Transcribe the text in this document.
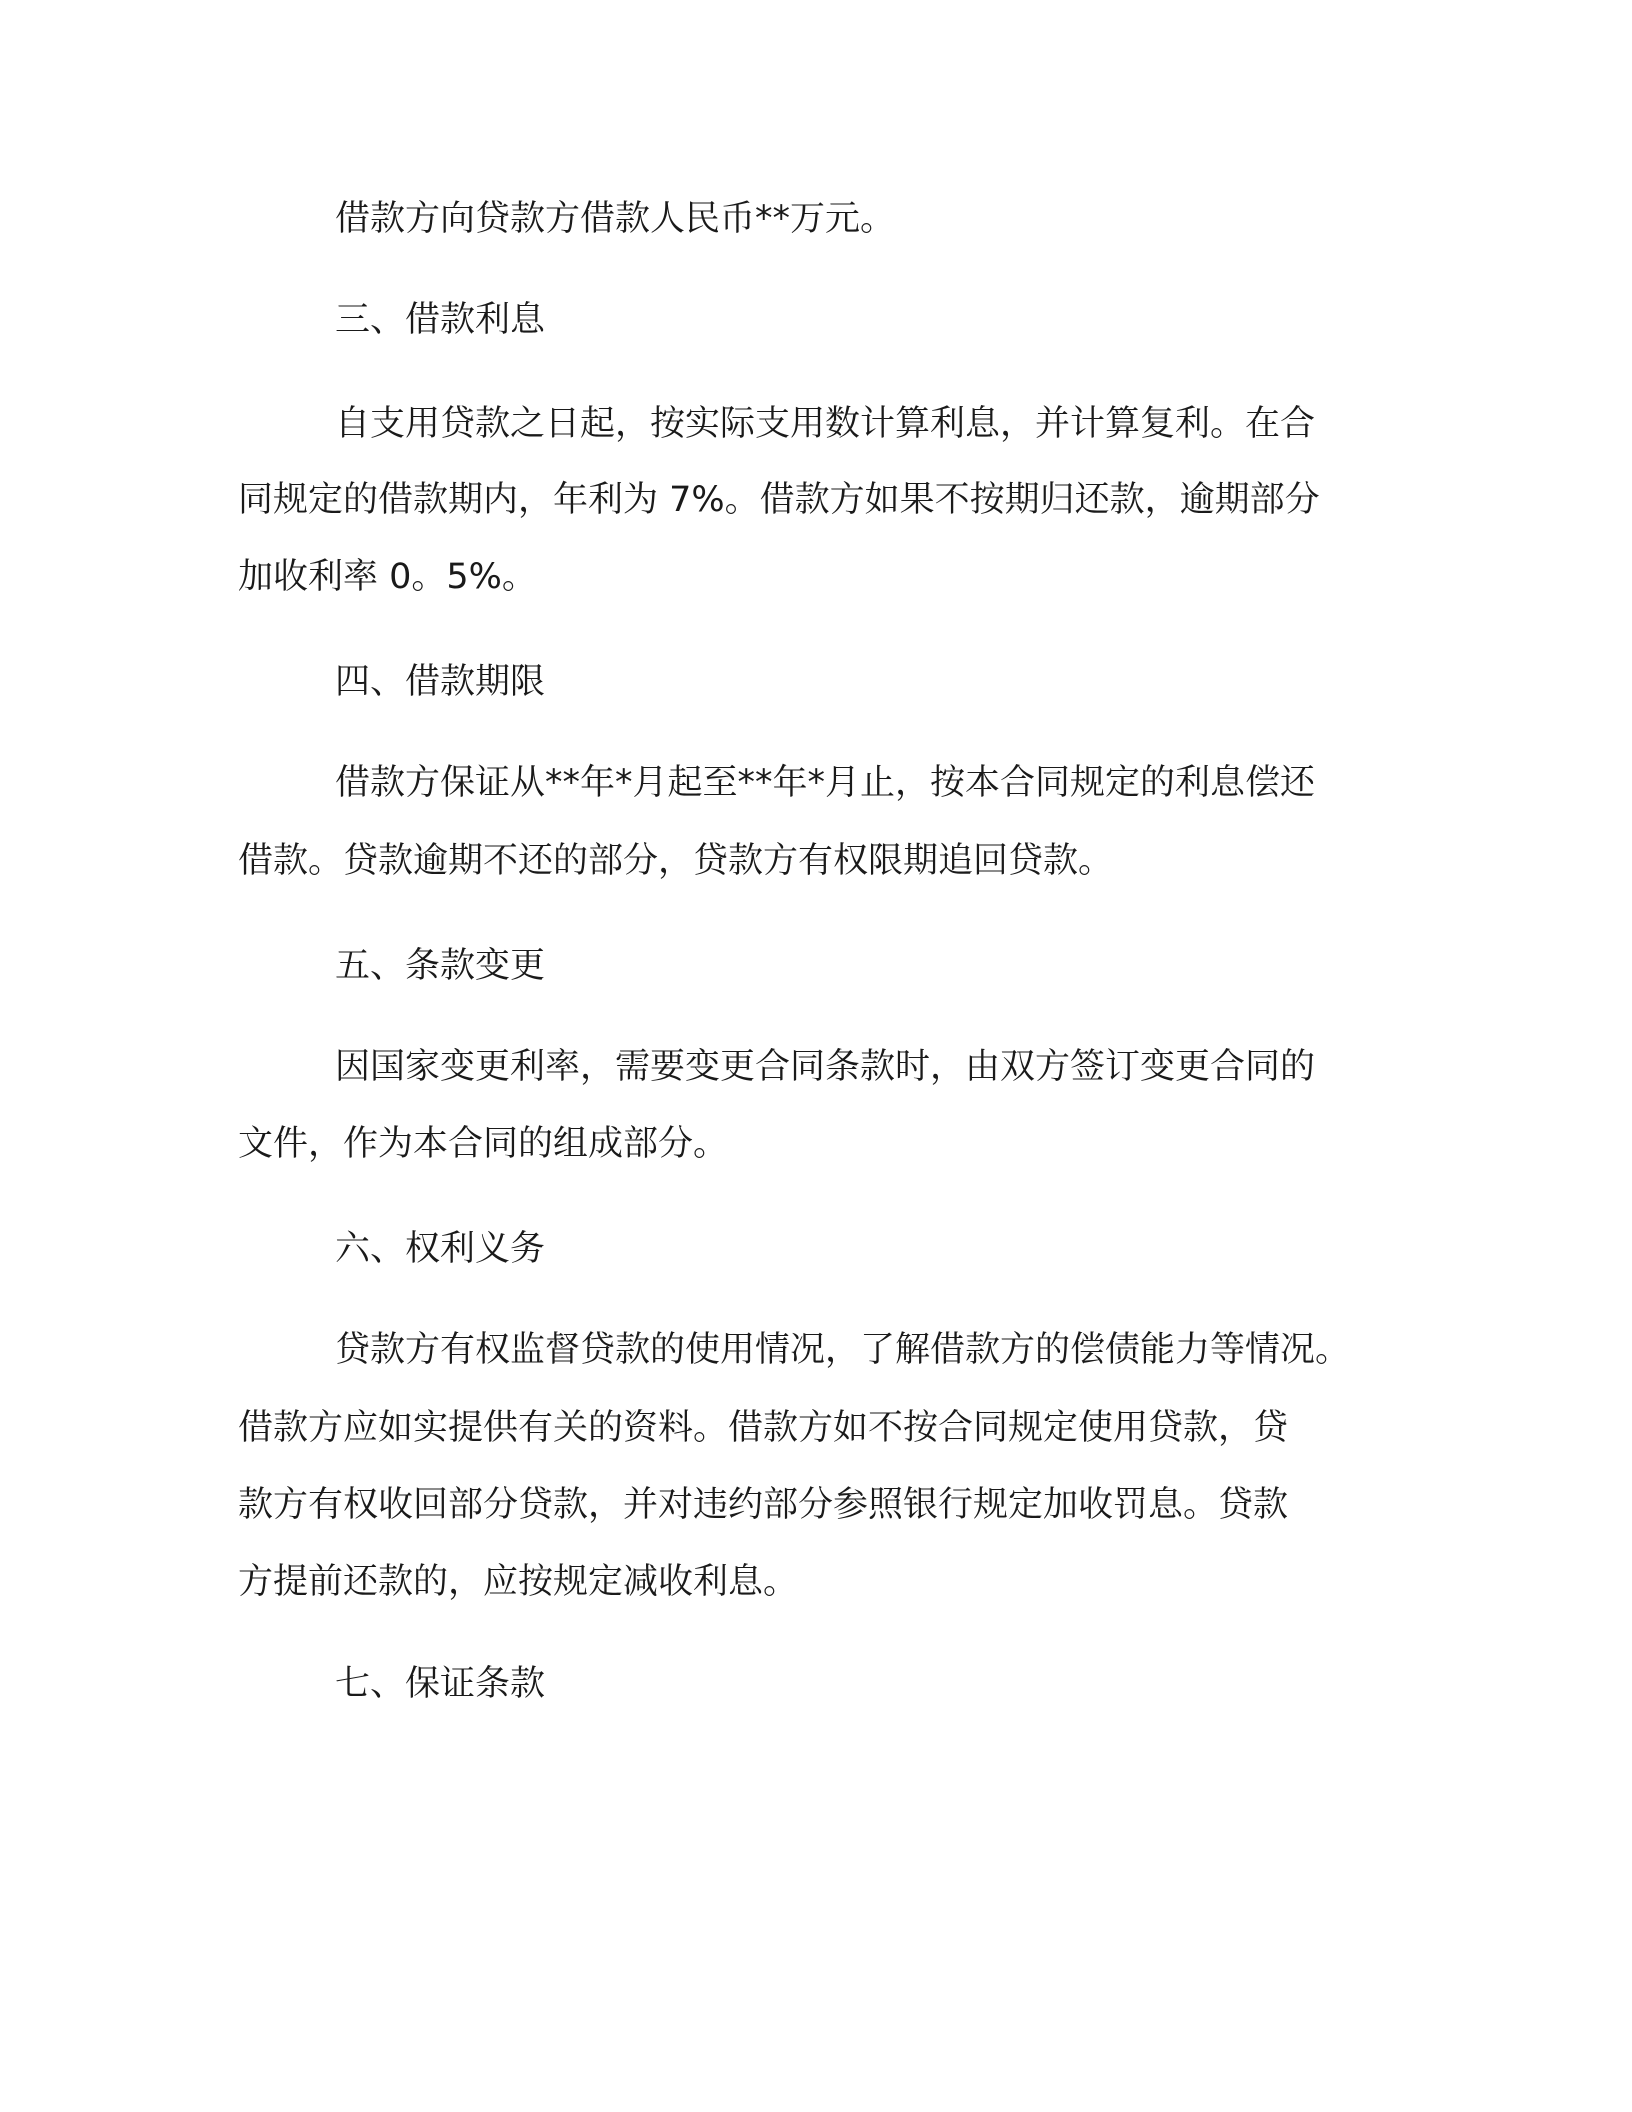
借款方向贷款方借款人民币**万元。
三、借款利息
自支用贷款之日起，按实际支用数计算利息，并计算复利。在合
同规定的借款期内，年利为 7%。借款方如果不按期归还款，逾期部分
加收利率 0。5%。
四、借款期限
借款方保证从**年*月起至**年*月止，按本合同规定的利息偿还
借款。贷款逾期不还的部分，贷款方有权限期追回贷款。
五、条款变更
因国家变更利率，需要变更合同条款时，由双方签订变更合同的
文件，作为本合同的组成部分。
六、权利义务
贷款方有权监督贷款的使用情况，了解借款方的偿债能力等情况。
借款方应如实提供有关的资料。借款方如不按合同规定使用贷款，贷
款方有权收回部分贷款，并对违约部分参照银行规定加收罚息。贷款
方提前还款的，应按规定减收利息。
七、保证条款
